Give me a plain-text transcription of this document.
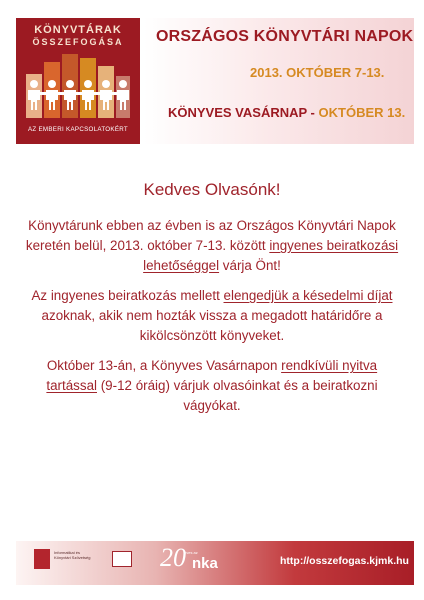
KÖNYVTÁRAK
ÖSSZEFOGÁSA
AZ EMBERI KAPCSOLATOKÉRT
ORSZÁGOS KÖNYVTÁRI NAPOK
2013. OKTÓBER 7-13.
KÖNYVES VASÁRNAP - OKTÓBER 13.

Kedves Olvasónk!

Könyvtárunk ebben az évben is az Országos Könyvtári Napok keretén belül, 2013. október 7-13. között ingyenes beiratkozási lehetőséggel várja Önt!

Az ingyenes beiratkozás mellett elengedjük a késedelmi díjat azoknak, akik nem hozták vissza a megadott határidőre a kikölcsönzött könyveket.

Október 13-án, a Könyves Vasárnapon rendkívüli nyitva tartással (9-12 óráig) várjuk olvasóinkat és a beiratkozni vágyókat.

Informatikai és Könyvtári Szövetség	20
éves az
nka	http://osszefogas.kjmk.hu
